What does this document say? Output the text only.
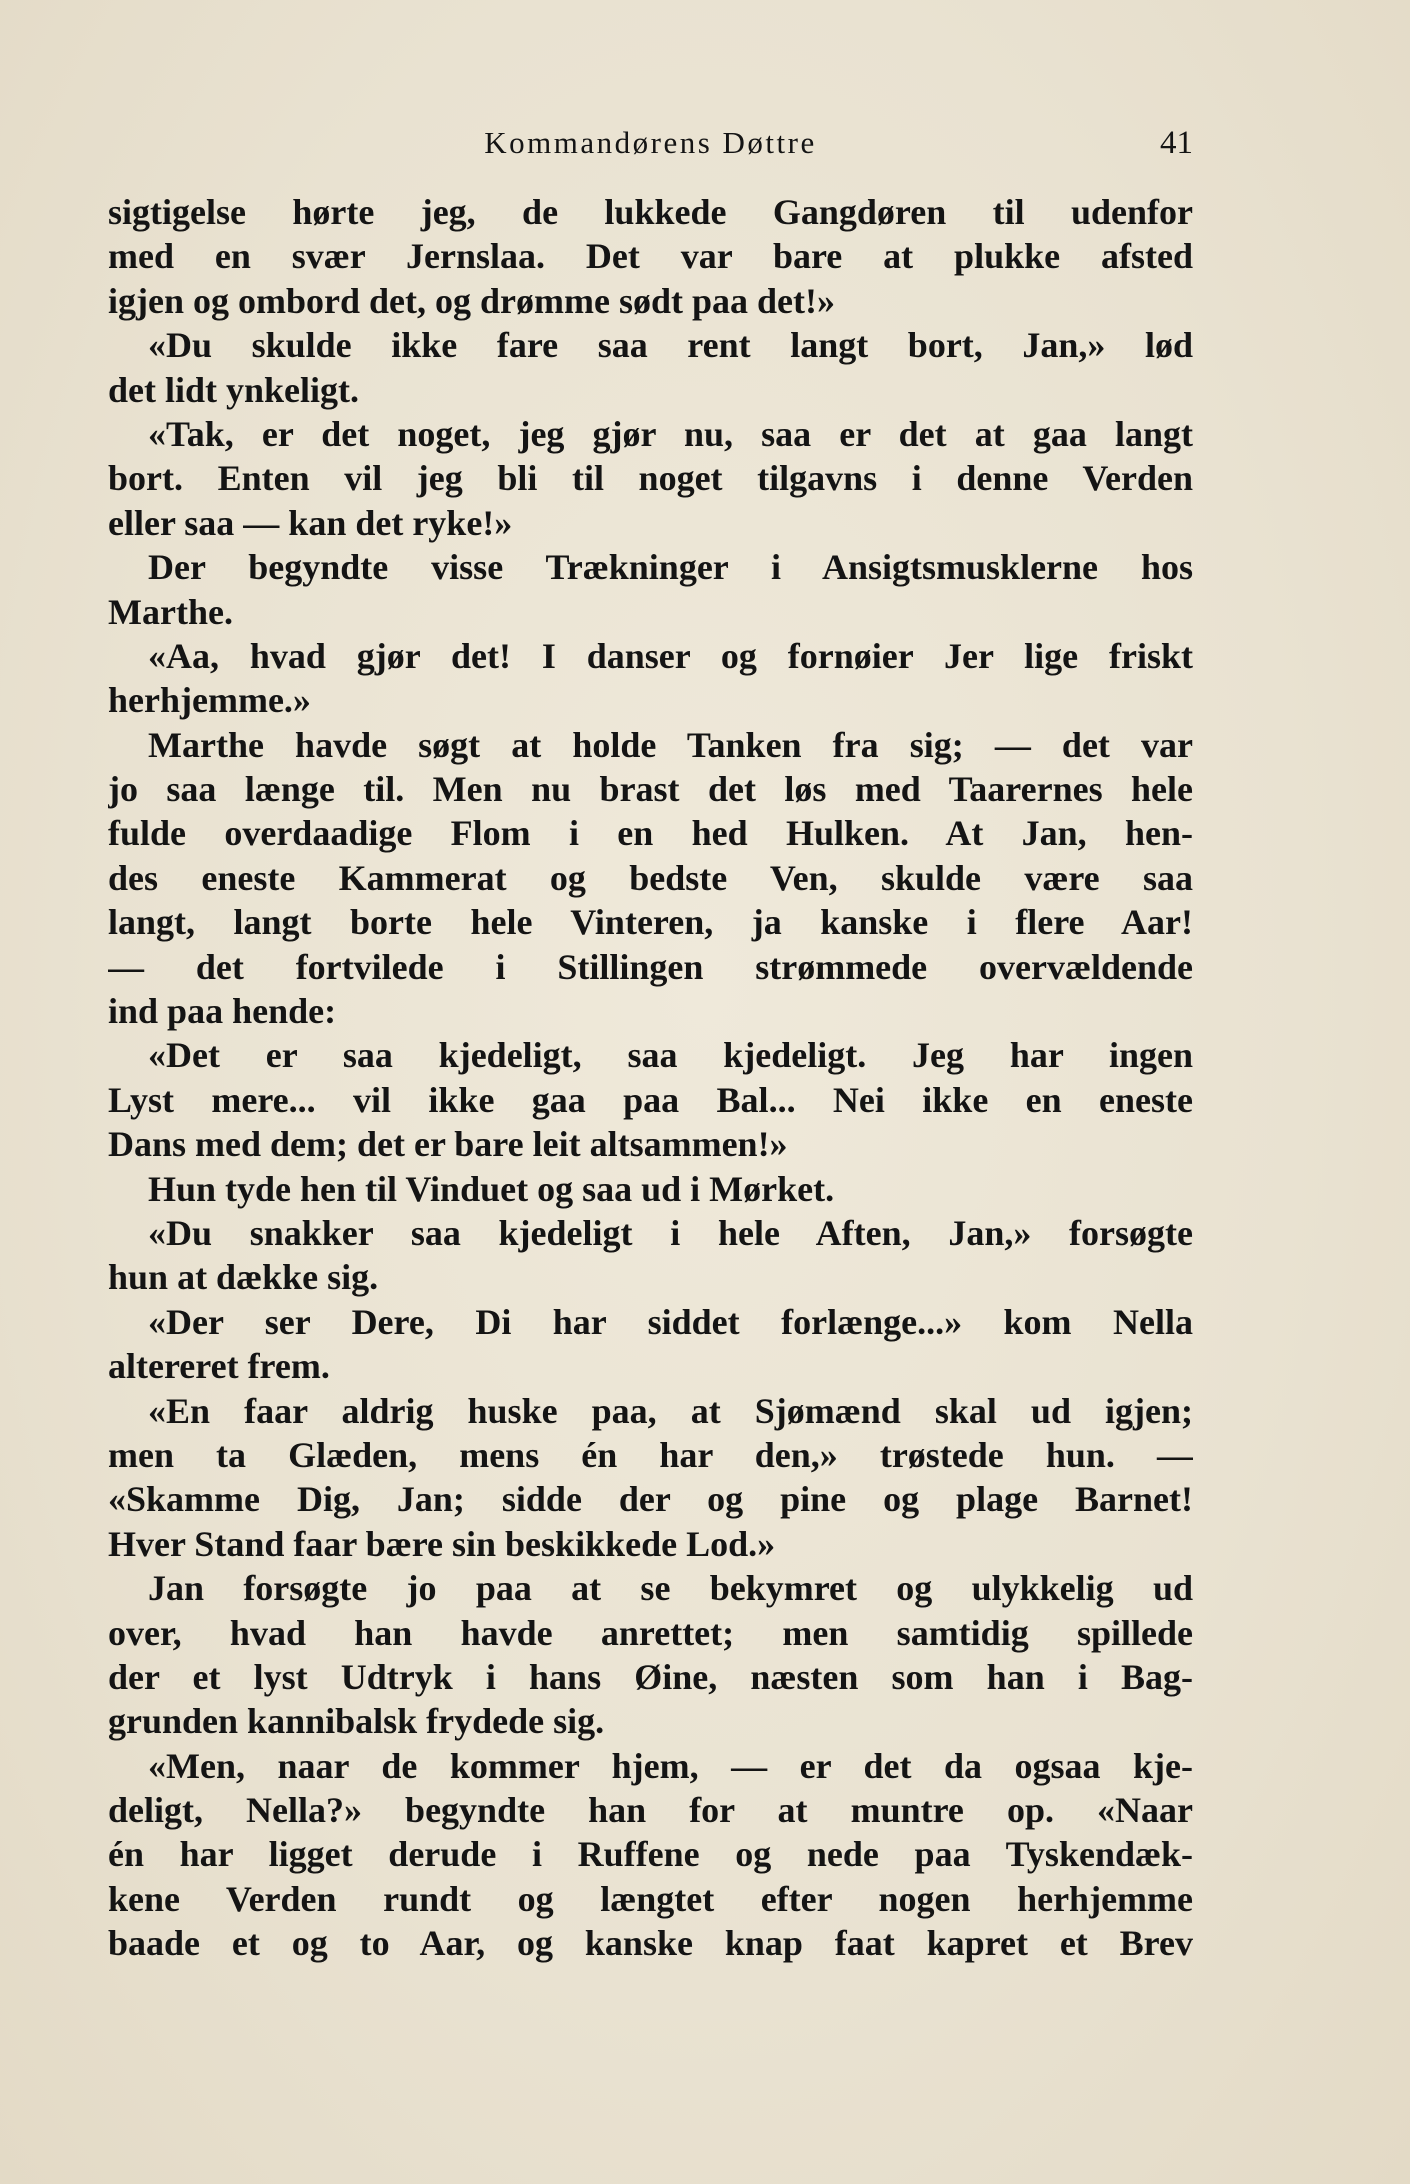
Kommandørens Døttre	41
sigtigelse hørte jeg, de lukkede Gangdøren til udenfor
med en svær Jernslaa. Det var bare at plukke afsted
igjen og ombord det, og drømme sødt paa det!»
«Du skulde ikke fare saa rent langt bort, Jan,» lød
det lidt ynkeligt.
«Tak, er det noget, jeg gjør nu, saa er det at gaa langt
bort. Enten vil jeg bli til noget tilgavns i denne Verden
eller saa — kan det ryke!»
Der begyndte visse Trækninger i Ansigtsmusklerne hos
Marthe.
«Aa, hvad gjør det! I danser og fornøier Jer lige friskt
herhjemme.»
Marthe havde søgt at holde Tanken fra sig; — det var
jo saa længe til. Men nu brast det løs med Taarernes hele
fulde overdaadige Flom i en hed Hulken. At Jan, hen-
des eneste Kammerat og bedste Ven, skulde være saa
langt, langt borte hele Vinteren, ja kanske i flere Aar!
— det fortvilede i Stillingen strømmede overvældende
ind paa hende:
«Det er saa kjedeligt, saa kjedeligt. Jeg har ingen
Lyst mere... vil ikke gaa paa Bal... Nei ikke en eneste
Dans med dem; det er bare leit altsammen!»
Hun tyde hen til Vinduet og saa ud i Mørket.
«Du snakker saa kjedeligt i hele Aften, Jan,» forsøgte
hun at dække sig.
«Der ser Dere, Di har siddet forlænge...» kom Nella
altereret frem.
«En faar aldrig huske paa, at Sjømænd skal ud igjen;
men ta Glæden, mens én har den,» trøstede hun. —
«Skamme Dig, Jan; sidde der og pine og plage Barnet!
Hver Stand faar bære sin beskikkede Lod.»
Jan forsøgte jo paa at se bekymret og ulykkelig ud
over, hvad han havde anrettet; men samtidig spillede
der et lyst Udtryk i hans Øine, næsten som han i Bag-
grunden kannibalsk frydede sig.
«Men, naar de kommer hjem, — er det da ogsaa kje-
deligt, Nella?» begyndte han for at muntre op. «Naar
én har ligget derude i Ruffene og nede paa Tyskendæk-
kene Verden rundt og længtet efter nogen herhjemme
baade et og to Aar, og kanske knap faat kapret et Brev
